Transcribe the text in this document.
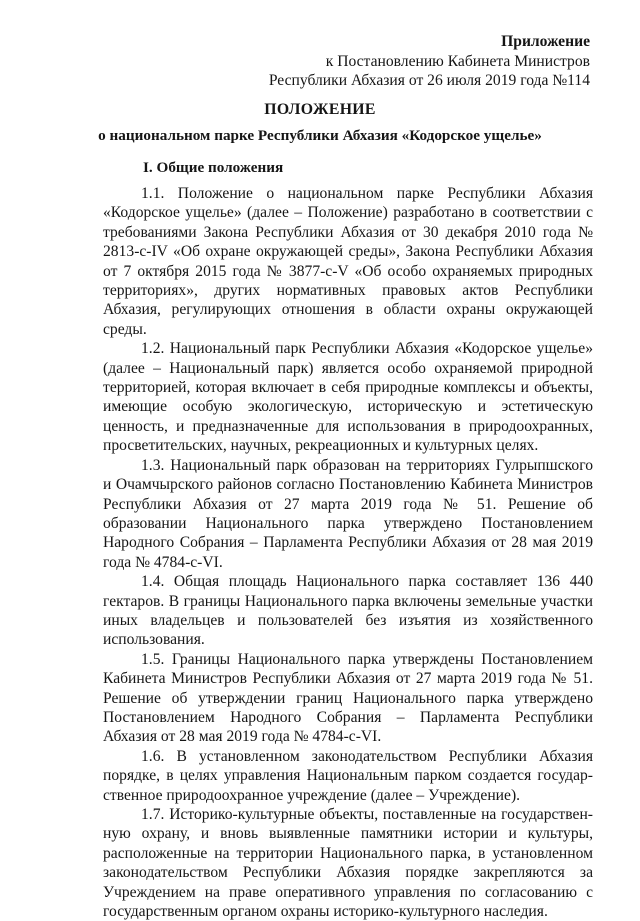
Приложение
к Постановлению Кабинета Министров
Республики Абхазия от 26 июля 2019 года №114
ПОЛОЖЕНИЕ
о национальном парке Республики Абхазия «Кодорское ущелье»
I. Общие положения

1.1. Положение о национальном парке Республики Абхазия «Кодорское ущелье» (далее – Положение) разработано в соответствии с требованиями Закона Республики Абхазия от 30 декабря 2010 года № 2813-с-IV «Об охране окружающей среды», Закона Республики Абхазия от 7 октября 2015 года № 3877-с-V «Об особо охраняемых природных территориях», других нормативных правовых актов Республики Абхазия, регулирующих отношения в области охраны окружающей среды.

1.2. Национальный парк Республики Абхазия «Кодорское ущелье» (далее – Национальный парк) является особо охраняемой природной территорией, которая включает в себя природные комплексы и объекты, имеющие особую экологическую, историческую и эстетическую ценность, и предназначенные для использования в природоохранных, просветительских, научных, рекреационных и культурных целях.

1.3. Национальный парк образован на территориях Гулрыпшского и Очамчырского районов согласно Постановлению Кабинета Министров Республики Абхазия от 27 марта 2019 года № 51. Решение об образовании Национального парка утверждено Постановлением Народного Собрания – Парламента Республики Абхазия от 28 мая 2019 года № 4784-с-VI.

1.4. Общая площадь Национального парка составляет 136 440 гектаров. В границы Национального парка включены земельные участки иных владельцев и пользователей без изъятия из хозяйственного использования.

1.5. Границы Национального парка утверждены Постановлением Кабинета Министров Республики Абхазия от 27 марта 2019 года № 51. Решение об утверждении границ Национального парка утверждено Постановлением Народного Собрания – Парламента Республики Абхазия от 28 мая 2019 года № 4784-с-VI.

1.6. В установленном законодательством Республики Абхазия порядке, в целях управления Национальным парком создается государственное природоохранное учреждение (далее – Учреждение).

1.7. Историко-культурные объекты, поставленные на государственную охрану, и вновь выявленные памятники истории и культуры, расположенные на территории Национального парка, в установленном законодательством Республики Абхазия порядке закрепляются за Учреждением на праве оперативного управления по согласованию с государственным органом охраны историко-культурного наследия.
